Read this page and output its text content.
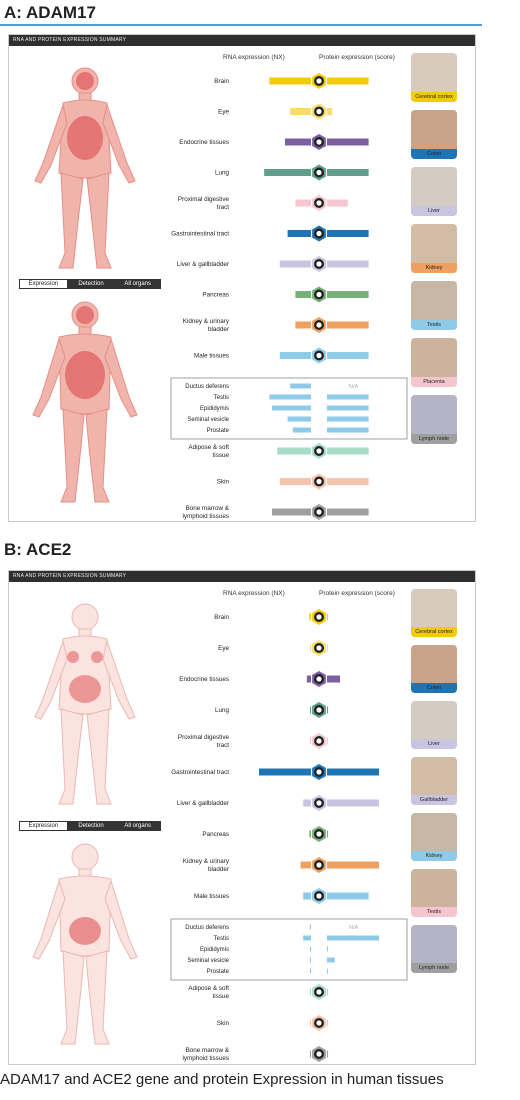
A: ADAM17
RNA AND PROTEIN EXPRESSION SUMMARY
RNA expression (NX)	Protein expression (score)
Expression	Detection	All organs
Brain
Eye
Endocrine tissues
Lung
Proximal digestive
tract
Gastrointestinal tract
Liver & gallbladder
Pancreas
Kidney & urinary
bladder
Male tissues
Ductus deferens	N/A
Testis
Epididymis
Seminal vesicle
Prostate
Adipose & soft
tissue
Skin
Bone marrow &
lymphoid tissues
Cerebral cortex
Colon
Liver
Kidney
Testis
Placenta
Lymph node
B: ACE2
RNA AND PROTEIN EXPRESSION SUMMARY
RNA expression (NX)	Protein expression (score)
Expression	Detection	All organs
Brain
Eye
Endocrine tissues
Lung
Proximal digestive
tract
Gastrointestinal tract
Liver & gallbladder
Pancreas
Kidney & urinary
bladder
Male tissues
Ductus deferens	N/A
Testis
Epididymis
Seminal vesicle
Prostate
Adipose & soft
tissue
Skin
Bone marrow &
lymphoid tissues
Cerebral cortex
Colon
Liver
Gallbladder
Kidney
Testis
Lymph node
ADAM17 and ACE2 gene and protein Expression in human tissues
